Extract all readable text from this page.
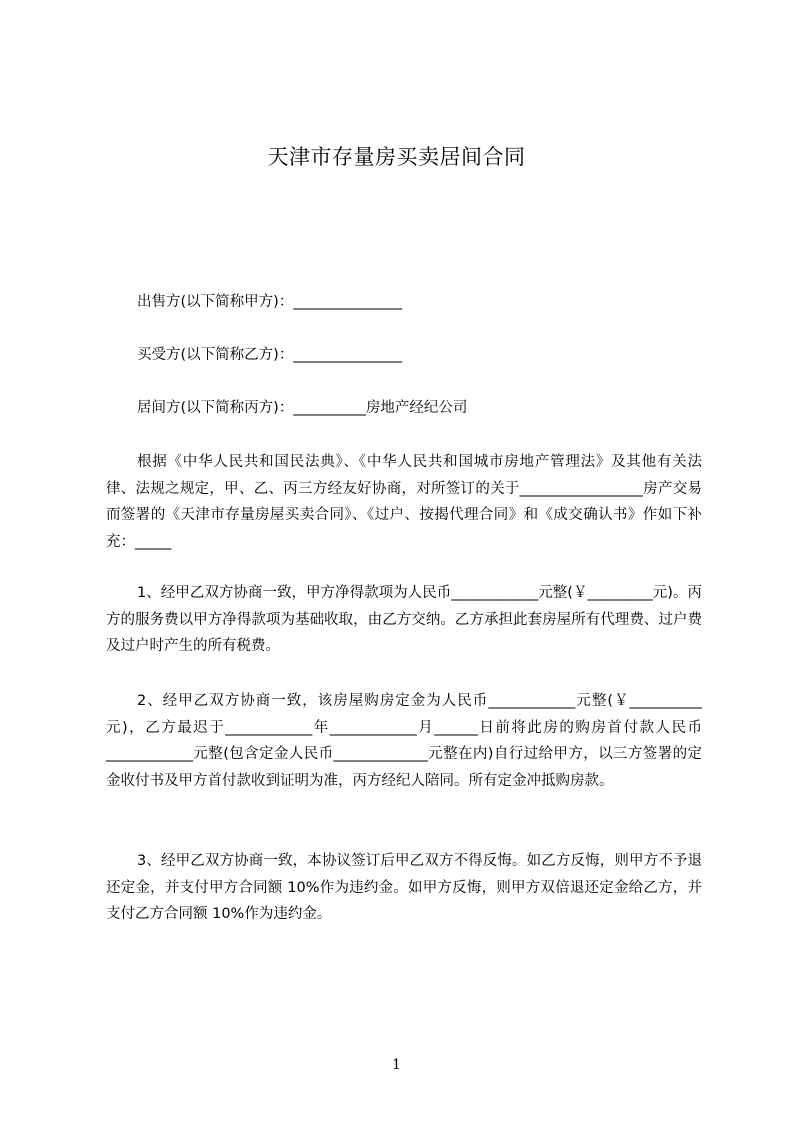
天津市存量房买卖居间合同
出售方(以下简称甲方)：_______________
买受方(以下简称乙方)：_______________
居间方(以下简称丙方)：__________房地产经纪公司

根据《中华人民共和国民法典》、《中华人民共和国城市房地产管理法》及其他有关法律、法规之规定，甲、乙、丙三方经友好协商，对所签订的关于_________________房产交易而签署的《天津市存量房屋买卖合同》、《过户、按揭代理合同》和《成交确认书》作如下补充：_____

1、经甲乙双方协商一致，甲方净得款项为人民币____________元整(￥_________元)。丙方的服务费以甲方净得款项为基础收取，由乙方交纳。乙方承担此套房屋所有代理费、过户费及过户时产生的所有税费。

2、经甲乙双方协商一致，该房屋购房定金为人民币____________元整(￥__________元)，乙方最迟于____________年____________月______日前将此房的购房首付款人民币____________元整(包含定金人民币_____________元整在内)自行过给甲方，以三方签署的定金收付书及甲方首付款收到证明为准，丙方经纪人陪同。所有定金冲抵购房款。

3、经甲乙双方协商一致，本协议签订后甲乙双方不得反悔。如乙方反悔，则甲方不予退还定金，并支付甲方合同额 10%作为违约金。如甲方反悔，则甲方双倍退还定金给乙方，并支付乙方合同额 10%作为违约金。

1
